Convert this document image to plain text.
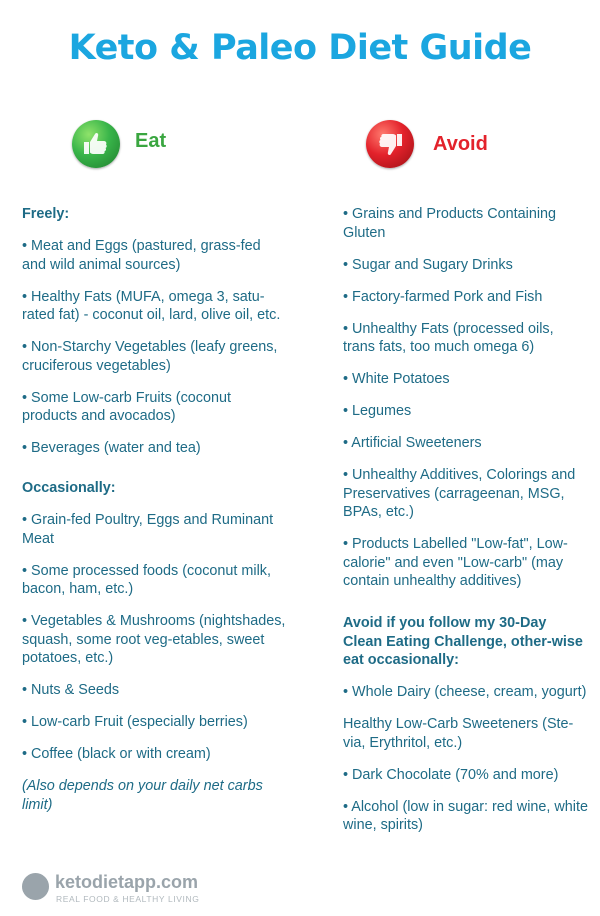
Keto & Paleo Diet Guide
Eat	Avoid

Freely:

• Meat and Eggs (pastured, grass-fed and wild animal sources)

• Healthy Fats (MUFA, omega 3, satu-rated fat) - coconut oil, lard, olive oil, etc.

• Non-Starchy Vegetables (leafy greens, cruciferous vegetables)

• Some Low-carb Fruits (coconut products and avocados)

• Beverages (water and tea)

Occasionally:

• Grain-fed Poultry, Eggs and Ruminant Meat

• Some processed foods (coconut milk, bacon, ham, etc.)

• Vegetables & Mushrooms (nightshades, squash, some root veg-etables, sweet potatoes, etc.)

• Nuts & Seeds

• Low-carb Fruit (especially berries)

• Coffee (black or with cream)

(Also depends on your daily net carbs limit)

• Grains and Products Containing Gluten

• Sugar and Sugary Drinks

• Factory-farmed Pork and Fish

• Unhealthy Fats (processed oils, trans fats, too much omega 6)

• White Potatoes

• Legumes

• Artificial Sweeteners

• Unhealthy Additives, Colorings and Preservatives (carrageenan, MSG, BPAs, etc.)

• Products Labelled "Low-fat", Low-calorie" and even "Low-carb" (may contain unhealthy additives)

Avoid if you follow my 30-Day Clean Eating Challenge, other-wise eat occasionally:

• Whole Dairy (cheese, cream, yogurt)

Healthy Low-Carb Sweeteners (Ste-via, Erythritol, etc.)

• Dark Chocolate (70% and more)

• Alcohol (low in sugar: red wine, white wine, spirits)

ketodietapp.com
REAL FOOD & HEALTHY LIVING
